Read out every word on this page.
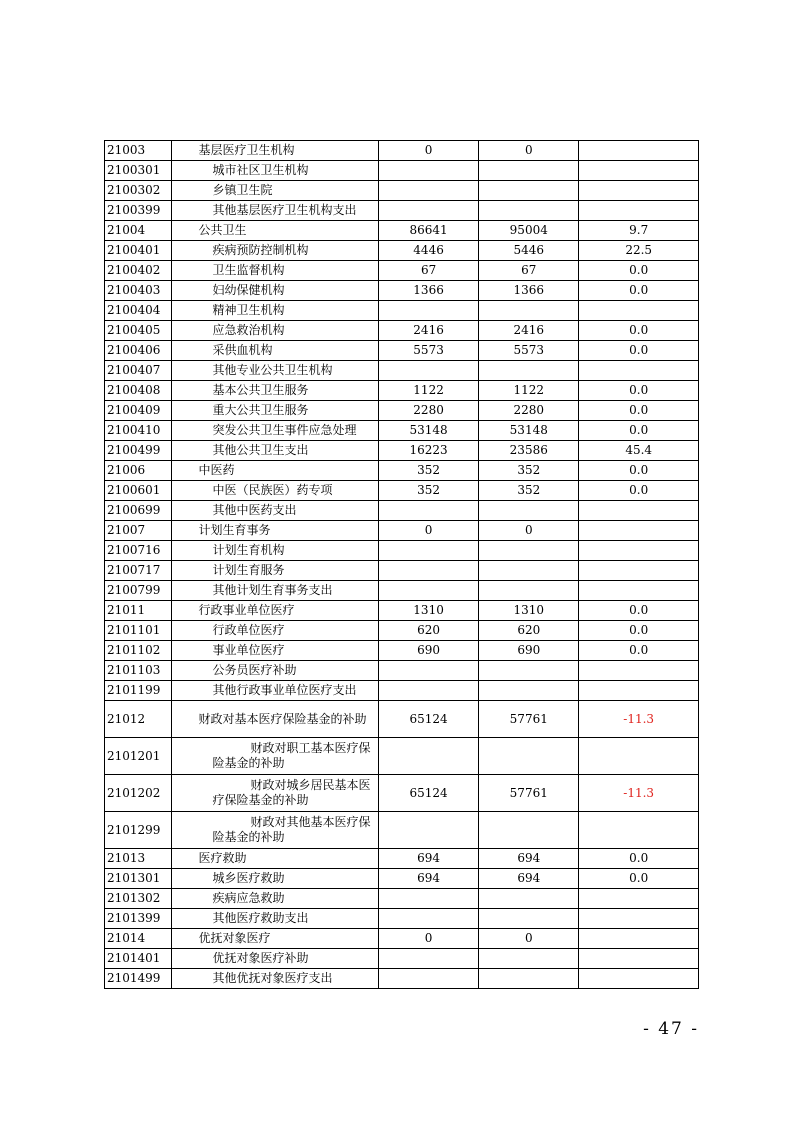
21003	基层医疗卫生机构	0	0	
2100301	城市社区卫生机构			
2100302	乡镇卫生院			
2100399	其他基层医疗卫生机构支出			
21004	公共卫生	86641	95004	9.7
2100401	疾病预防控制机构	4446	5446	22.5
2100402	卫生监督机构	67	67	0.0
2100403	妇幼保健机构	1366	1366	0.0
2100404	精神卫生机构			
2100405	应急救治机构	2416	2416	0.0
2100406	采供血机构	5573	5573	0.0
2100407	其他专业公共卫生机构			
2100408	基本公共卫生服务	1122	1122	0.0
2100409	重大公共卫生服务	2280	2280	0.0
2100410	突发公共卫生事件应急处理	53148	53148	0.0
2100499	其他公共卫生支出	16223	23586	45.4
21006	中医药	352	352	0.0
2100601	中医（民族医）药专项	352	352	0.0
2100699	其他中医药支出			
21007	计划生育事务	0	0	
2100716	计划生育机构			
2100717	计划生育服务			
2100799	其他计划生育事务支出			
21011	行政事业单位医疗	1310	1310	0.0
2101101	行政单位医疗	620	620	0.0
2101102	事业单位医疗	690	690	0.0
2101103	公务员医疗补助			
2101199	其他行政事业单位医疗支出			
21012	财政对基本医疗保险基金的补助	65124	57761	-11.3
2101201	财政对职工基本医疗保险基金的补助			
2101202	财政对城乡居民基本医疗保险基金的补助	65124	57761	-11.3
2101299	财政对其他基本医疗保险基金的补助			
21013	医疗救助	694	694	0.0
2101301	城乡医疗救助	694	694	0.0
2101302	疾病应急救助			
2101399	其他医疗救助支出			
21014	优抚对象医疗	0	0	
2101401	优抚对象医疗补助			
2101499	其他优抚对象医疗支出			
- 47 -
